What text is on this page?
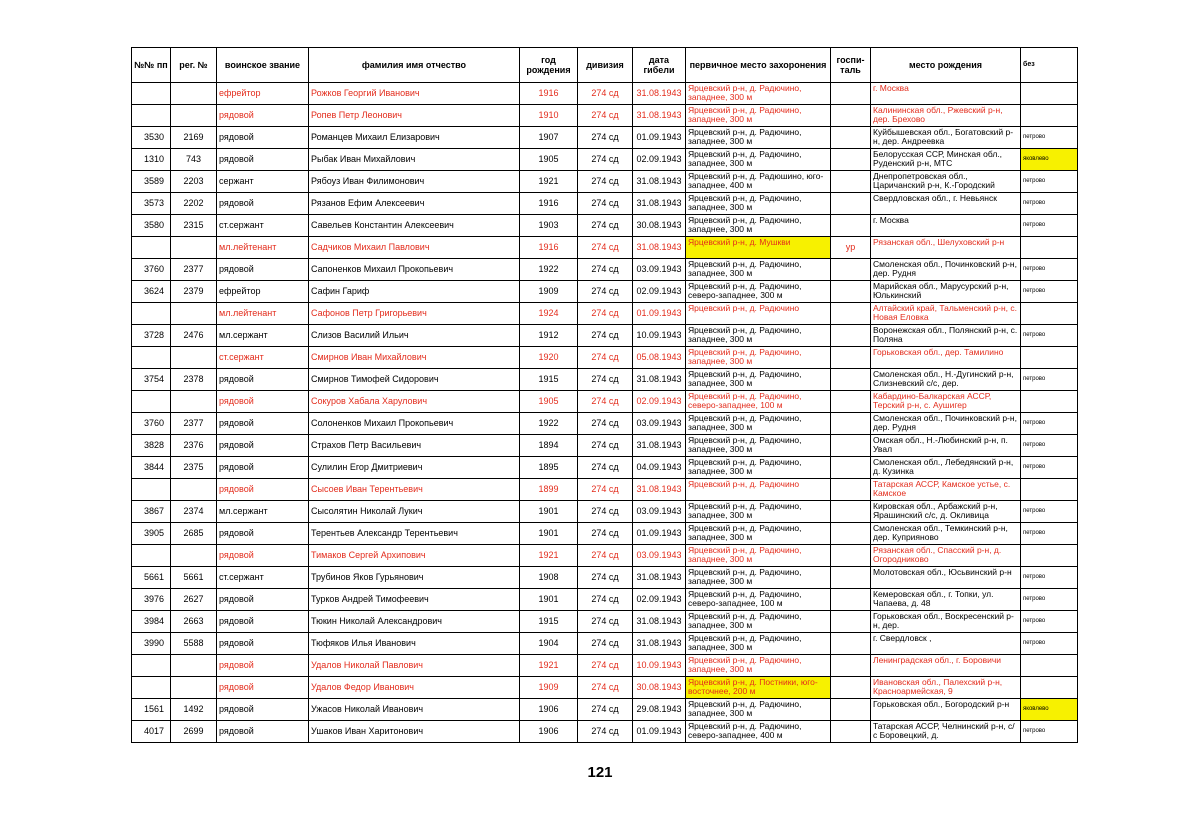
№№ пп	рег. №	воинское звание	фамилия имя отчество	год рождения	дивизия	дата гибели	первичное место захоронения	госпи-таль	место рождения	без
		ефрейтор	Рожков Георгий Иванович	1916	274 сд	31.08.1943	Ярцевский р-н, д. Радючино, западнее, 300 м		г. Москва	
		рядовой	Ропев Петр Леонович	1910	274 сд	31.08.1943	Ярцевский р-н, д. Радючино, западнее, 300 м		Калининская обл., Ржевский р-н, дер. Брехово	
3530	2169	рядовой	Романцев Михаил Елизарович	1907	274 сд	01.09.1943	Ярцевский р-н, д. Радючино, западнее, 300 м		Куйбышевская обл., Богатовский р-н, дер. Андреевка	петрово
1310	743	рядовой	Рыбак Иван Михайлович	1905	274 сд	02.09.1943	Ярцевский р-н, д. Радючино, западнее, 300 м		Белорусская ССР, Минская обл., Руденский р-н, МТС	яковлево
3589	2203	сержант	Рябоуз Иван Филимонович	1921	274 сд	31.08.1943	Ярцевский р-н, д. Радюшино, юго-западнее, 400 м		Днепропетровская обл., Царичанский р-н, К.-Городский	петрово
3573	2202	рядовой	Рязанов Ефим Алексеевич	1916	274 сд	31.08.1943	Ярцевский р-н, д. Радючино, западнее, 300 м		Свердловская обл., г. Невьянск	петрово
3580	2315	ст.сержант	Савельев Константин Алексеевич	1903	274 сд	30.08.1943	Ярцевский р-н, д. Радючино, западнее, 300 м		г. Москва	петрово
		мл.лейтенант	Садчиков Михаил Павлович	1916	274 сд	31.08.1943	Ярцевский р-н, д. Мушкви	ур	Рязанская обл., Шелуховский р-н	
3760	2377	рядовой	Сапоненков Михаил Прокопьевич	1922	274 сд	03.09.1943	Ярцевский р-н, д. Радючино, западнее, 300 м		Смоленская обл., Починковский р-н, дер. Рудня	петрово
3624	2379	ефрейтор	Сафин Гариф	1909	274 сд	02.09.1943	Ярцевский р-н, д. Радючино, северо-западнее, 300 м		Марийская обл., Марусурский р-н, Юлькинский	петрово
		мл.лейтенант	Сафонов Петр Григорьевич	1924	274 сд	01.09.1943	Ярцевский р-н, д. Радючино		Алтайский край, Тальменский р-н, с. Новая Еловка	
3728	2476	мл.сержант	Слизов Василий Ильич	1912	274 сд	10.09.1943	Ярцевский р-н, д. Радючино, западнее, 300 м		Воронежская обл., Полянский р-н, с. Поляна	петрово
		ст.сержант	Смирнов Иван Михайлович	1920	274 сд	05.08.1943	Ярцевский р-н, д. Радючино, западнее, 300 м		Горьковская обл., дер. Тамилино	
3754	2378	рядовой	Смирнов Тимофей Сидорович	1915	274 сд	31.08.1943	Ярцевский р-н, д. Радючино, западнее, 300 м		Смоленская обл., Н.-Дугинский р-н, Слизневский с/с, дер.	петрово
		рядовой	Сокуров Хабала Харулович	1905	274 сд	02.09.1943	Ярцевский р-н, д. Радючино, северо-западнее, 100 м		Кабардино-Балкарская АССР, Терский р-н, с. Аушигер	
3760	2377	рядовой	Солоненков Михаил Прокопьевич	1922	274 сд	03.09.1943	Ярцевский р-н, д. Радючино, западнее, 300 м		Смоленская обл., Починковский р-н, дер. Рудня	петрово
3828	2376	рядовой	Страхов Петр Васильевич	1894	274 сд	31.08.1943	Ярцевский р-н, д. Радючино, западнее, 300 м		Омская обл., Н.-Любинский р-н, п. Увал	петрово
3844	2375	рядовой	Сулилин Егор Дмитриевич	1895	274 сд	04.09.1943	Ярцевский р-н, д. Радючино, западнее, 300 м		Смоленская обл., Лебедянский р-н, д. Кузинка	петрово
		рядовой	Сысоев Иван Терентьевич	1899	274 сд	31.08.1943	Ярцевский р-н, д. Радючино		Татарская АССР, Камское устье, с. Камское	
3867	2374	мл.сержант	Сысолятин Николай Лукич	1901	274 сд	03.09.1943	Ярцевский р-н, д. Радючино, западнее, 300 м		Кировская обл., Арбажский р-н, Ярашинский с/с, д. Окливица	петрово
3905	2685	рядовой	Терентьев Александр Терентьевич	1901	274 сд	01.09.1943	Ярцевский р-н, д. Радючино, западнее, 300 м		Смоленская обл., Темкинский р-н, дер. Куприяново	петрово
		рядовой	Тимаков Сергей Архипович	1921	274 сд	03.09.1943	Ярцевский р-н, д. Радючино, западнее, 300 м		Рязанская обл., Спасский р-н, д. Огородниково	
5661	5661	ст.сержант	Трубинов Яков Гурьянович	1908	274 сд	31.08.1943	Ярцевский р-н, д. Радючино, западнее, 300 м		Молотовская обл., Юсьвинский р-н	петрово
3976	2627	рядовой	Турков Андрей Тимофеевич	1901	274 сд	02.09.1943	Ярцевский р-н, д. Радючино, северо-западнее, 100 м		Кемеровская обл., г. Топки, ул. Чапаева, д. 48	петрово
3984	2663	рядовой	Тюкин Николай Александрович	1915	274 сд	31.08.1943	Ярцевский р-н, д. Радючино, западнее, 300 м		Горьковская обл., Воскресенский р-н, дер.	петрово
3990	5588	рядовой	Тюфяков Илья Иванович	1904	274 сд	31.08.1943	Ярцевский р-н, д. Радючино, западнее, 300 м		г. Свердловск ,	петрово
		рядовой	Удалов Николай Павлович	1921	274 сд	10.09.1943	Ярцевский р-н, д. Радючино, западнее, 300 м		Ленинградская обл., г. Боровичи	
		рядовой	Удалов Федор Иванович	1909	274 сд	30.08.1943	Ярцевский р-н, д. Постники, юго-восточнее, 200 м		Ивановская обл., Палехский р-н, Красноармейская, 9	
1561	1492	рядовой	Ужасов Николай Иванович	1906	274 сд	29.08.1943	Ярцевский р-н, д. Радючино, западнее, 300 м		Горьковская обл., Богородский р-н	яковлево
4017	2699	рядовой	Ушаков Иван Харитонович	1906	274 сд	01.09.1943	Ярцевский р-н, д. Радючино, северо-западнее, 400 м		Татарская АССР, Челнинский р-н, с/с Боровецкий, д.	петрово
121
